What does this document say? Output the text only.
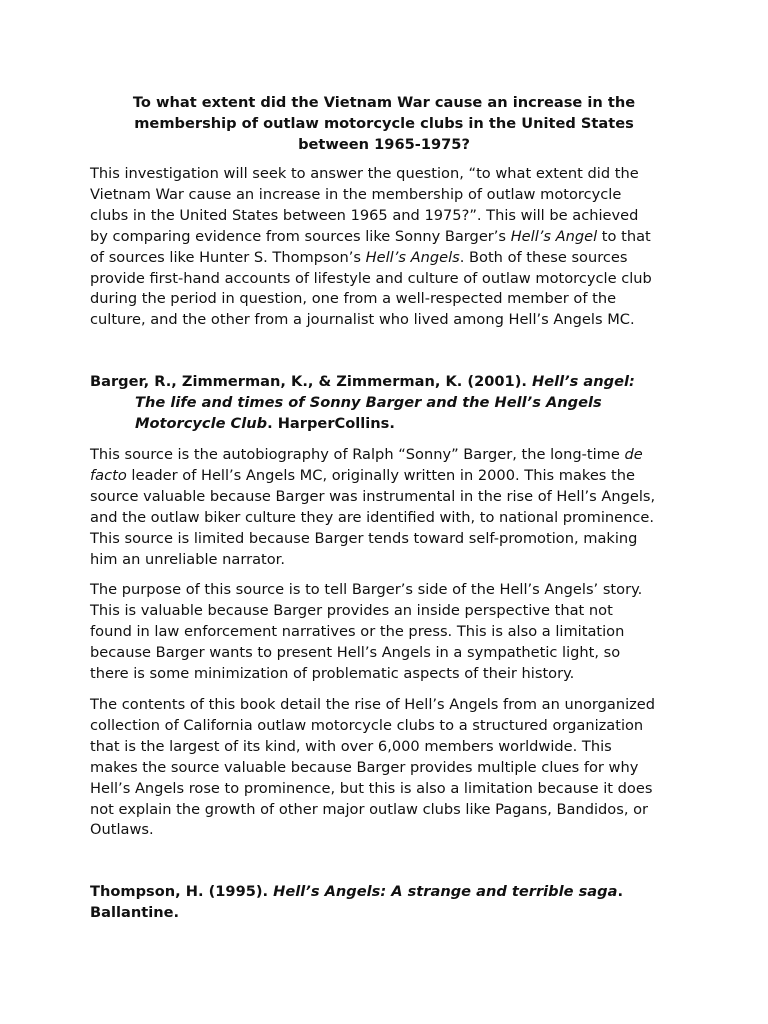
To what extent did the Vietnam War cause an increase in the
membership of outlaw motorcycle clubs in the United States
between 1965-1975?

This investigation will seek to answer the question, “to what extent did the
Vietnam War cause an increase in the membership of outlaw motorcycle
clubs in the United States between 1965 and 1975?”. This will be achieved
by comparing evidence from sources like Sonny Barger’s Hell’s Angel to that
of sources like Hunter S. Thompson’s Hell’s Angels. Both of these sources
provide first-hand accounts of lifestyle and culture of outlaw motorcycle club
during the period in question, one from a well-respected member of the
culture, and the other from a journalist who lived among Hell’s Angels MC.

Barger, R., Zimmerman, K., & Zimmerman, K. (2001). Hell’s angel:
The life and times of Sonny Barger and the Hell’s Angels
Motorcycle Club. HarperCollins.

This source is the autobiography of Ralph “Sonny” Barger, the long-time de
facto leader of Hell’s Angels MC, originally written in 2000. This makes the
source valuable because Barger was instrumental in the rise of Hell’s Angels,
and the outlaw biker culture they are identified with, to national prominence.
This source is limited because Barger tends toward self-promotion, making
him an unreliable narrator.

The purpose of this source is to tell Barger’s side of the Hell’s Angels’ story.
This is valuable because Barger provides an inside perspective that not
found in law enforcement narratives or the press. This is also a limitation
because Barger wants to present Hell’s Angels in a sympathetic light, so
there is some minimization of problematic aspects of their history.

The contents of this book detail the rise of Hell’s Angels from an unorganized
collection of California outlaw motorcycle clubs to a structured organization
that is the largest of its kind, with over 6,000 members worldwide. This
makes the source valuable because Barger provides multiple clues for why
Hell’s Angels rose to prominence, but this is also a limitation because it does
not explain the growth of other major outlaw clubs like Pagans, Bandidos, or
Outlaws.

Thompson, H. (1995). Hell’s Angels: A strange and terrible saga.
Ballantine.
